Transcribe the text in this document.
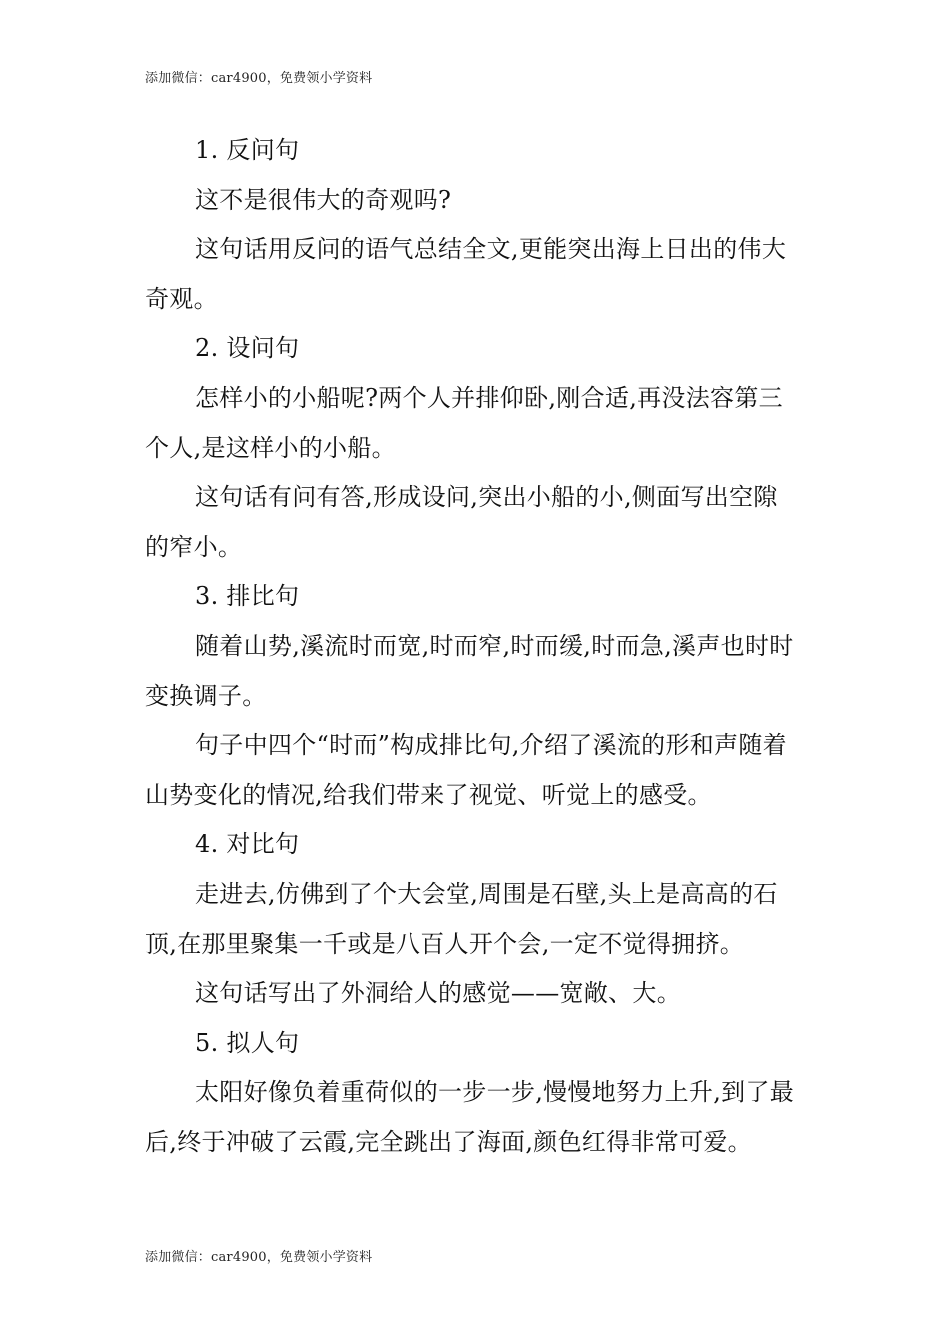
添加微信：car4900，免费领小学资料

1. 反问句

这不是很伟大的奇观吗?

这句话用反问的语气总结全文,更能突出海上日出的伟大奇观。

2. 设问句

怎样小的小船呢?两个人并排仰卧,刚合适,再没法容第三个人,是这样小的小船。

这句话有问有答,形成设问,突出小船的小,侧面写出空隙的窄小。

3. 排比句

随着山势,溪流时而宽,时而窄,时而缓,时而急,溪声也时时变换调子。

句子中四个“时而”构成排比句,介绍了溪流的形和声随着山势变化的情况,给我们带来了视觉、听觉上的感受。

4. 对比句

走进去,仿佛到了个大会堂,周围是石壁,头上是高高的石顶,在那里聚集一千或是八百人开个会,一定不觉得拥挤。

这句话写出了外洞给人的感觉——宽敞、大。

5. 拟人句

太阳好像负着重荷似的一步一步,慢慢地努力上升,到了最后,终于冲破了云霞,完全跳出了海面,颜色红得非常可爱。

添加微信：car4900，免费领小学资料
